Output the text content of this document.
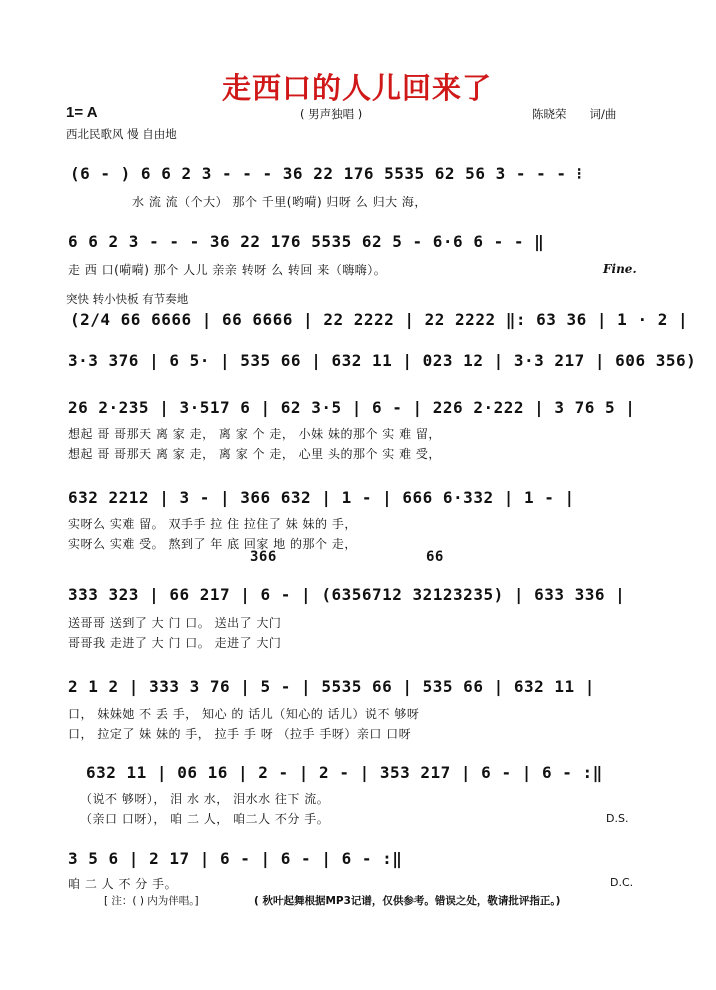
走西口的人儿回来了
1= A	( 男声独唱 )	陈晓荣　　词/曲
西北民歌风 慢 自由地
(6 - ) 6 6 2 3 - - - 36 22 176 5535 62 56 3 - - - ⁝
水 流 流（个大） 那个 千里(哟嗬) 归呀 么 归大 海，
6 6 2 3 - - - 36 22 176 5535 62 5 - 6·6 6 - - ‖
走 西 口(嗬嗬) 那个 人儿 亲亲 转呀 么 转回 来（嗨嗨）。	Fine.
突快 转小快板 有节奏地
(2/4 66 6666 | 66 6666 | 22 2222 | 22 2222 ‖: 63 36 | 1 · 2 |
3·3 376 | 6 5· | 535 66 | 632 11 | 023 12 | 3·3 217 | 606 356)
26 2·235 | 3·517 6 | 62 3·5 | 6 - | 226 2·222 | 3 76 5 |
想起 哥 哥那天 离 家 走， 离 家 个 走， 小妹 妹的那个 实 难 留，
想起 哥 哥那天 离 家 走， 离 家 个 走， 心里 头的那个 实 难 受，
632 2212 | 3 - | 366 632 | 1 - | 666 6·332 | 1 - |
实呀么 实难 留。 双手手 拉 住 拉住了 妹 妹的 手，
实呀么 实难 受。 熬到了 年 底 回家 地 的那个 走，
366	66
333 323 | 66 217 | 6 - | (6356712 32123235) | 633 336 |
送哥哥 送到了 大 门 口。 送出了 大门
哥哥我 走进了 大 门 口。 走进了 大门
2 1 2 | 333 3 76 | 5 - | 5535 66 | 535 66 | 632 11 |
口， 妹妹她 不 丢 手， 知心 的 话儿（知心的 话儿）说不 够呀
口， 拉定了 妹 妹的 手， 拉手 手 呀 （拉手 手呀）亲口 口呀
632 11 | 06 16 | 2 - | 2 - | 353 217 | 6 - | 6 - :‖
（说不 够呀）， 泪 水 水， 泪水水 往下 流。
（亲口 口呀）， 咱 二 人， 咱二人 不分 手。	D.S.
3 5 6 | 2 17 | 6 - | 6 - | 6 - :‖
咱 二 人 不 分 手。	D.C.
[ 注：( ) 内为伴唱。]	( 秋叶起舞根据MP3记谱，仅供参考。错误之处，敬请批评指正。)
